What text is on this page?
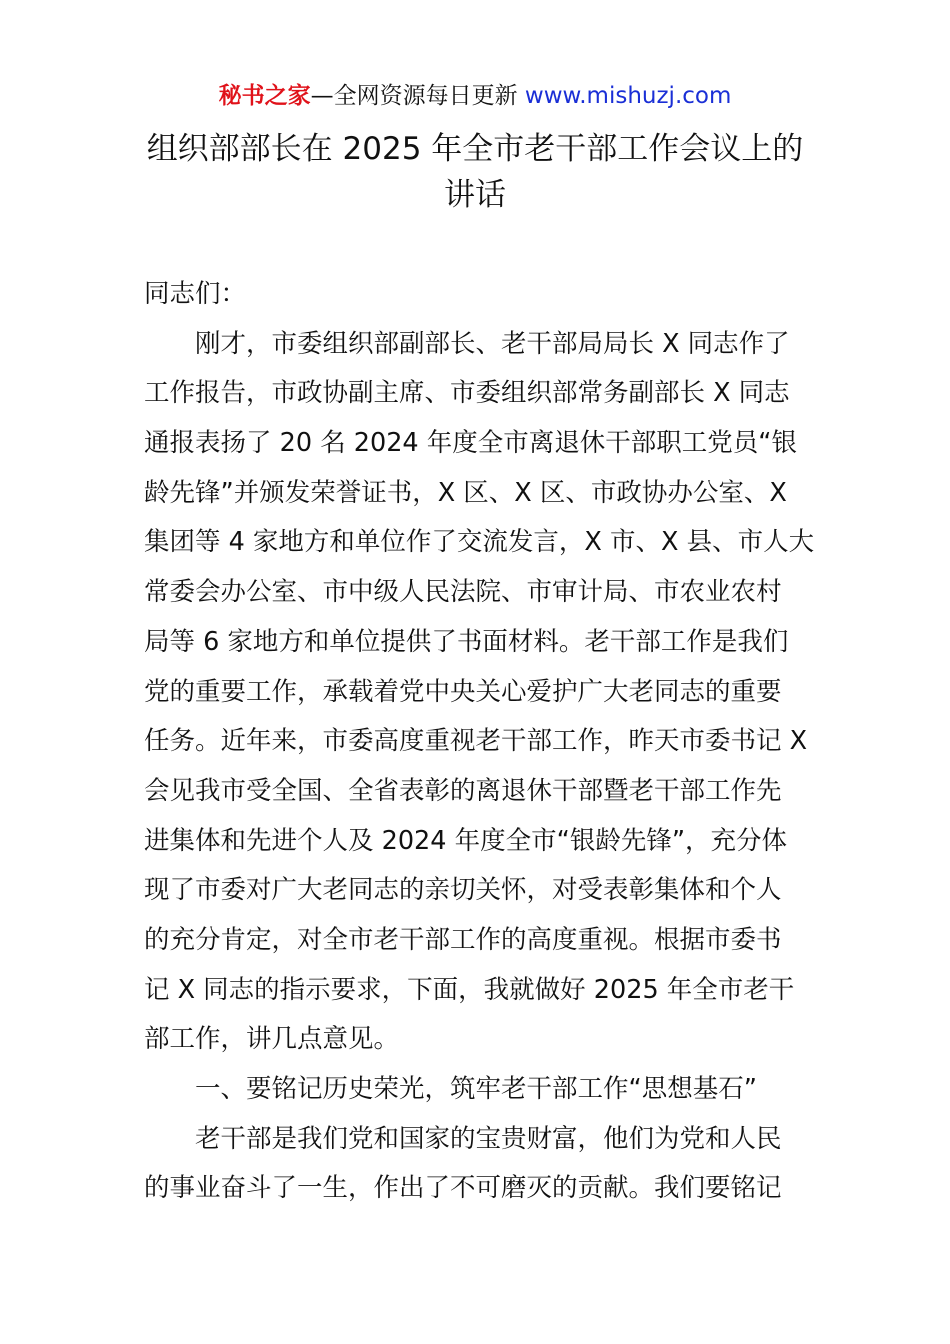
秘书之家—全网资源每日更新 www.mishuzj.com
组织部部长在 2025 年全市老干部工作会议上的
讲话
同志们：
刚才，市委组织部副部长、老干部局局长 X 同志作了
工作报告，市政协副主席、市委组织部常务副部长 X 同志
通报表扬了 20 名 2024 年度全市离退休干部职工党员“银
龄先锋”并颁发荣誉证书，X 区、X 区、市政协办公室、X
集团等 4 家地方和单位作了交流发言，X 市、X 县、市人大
常委会办公室、市中级人民法院、市审计局、市农业农村
局等 6 家地方和单位提供了书面材料。老干部工作是我们
党的重要工作，承载着党中央关心爱护广大老同志的重要
任务。近年来，市委高度重视老干部工作，昨天市委书记 X
会见我市受全国、全省表彰的离退休干部暨老干部工作先
进集体和先进个人及 2024 年度全市“银龄先锋”，充分体
现了市委对广大老同志的亲切关怀，对受表彰集体和个人
的充分肯定，对全市老干部工作的高度重视。根据市委书
记 X 同志的指示要求，下面，我就做好 2025 年全市老干
部工作，讲几点意见。
一、要铭记历史荣光，筑牢老干部工作“思想基石”
老干部是我们党和国家的宝贵财富，他们为党和人民
的事业奋斗了一生，作出了不可磨灭的贡献。我们要铭记
